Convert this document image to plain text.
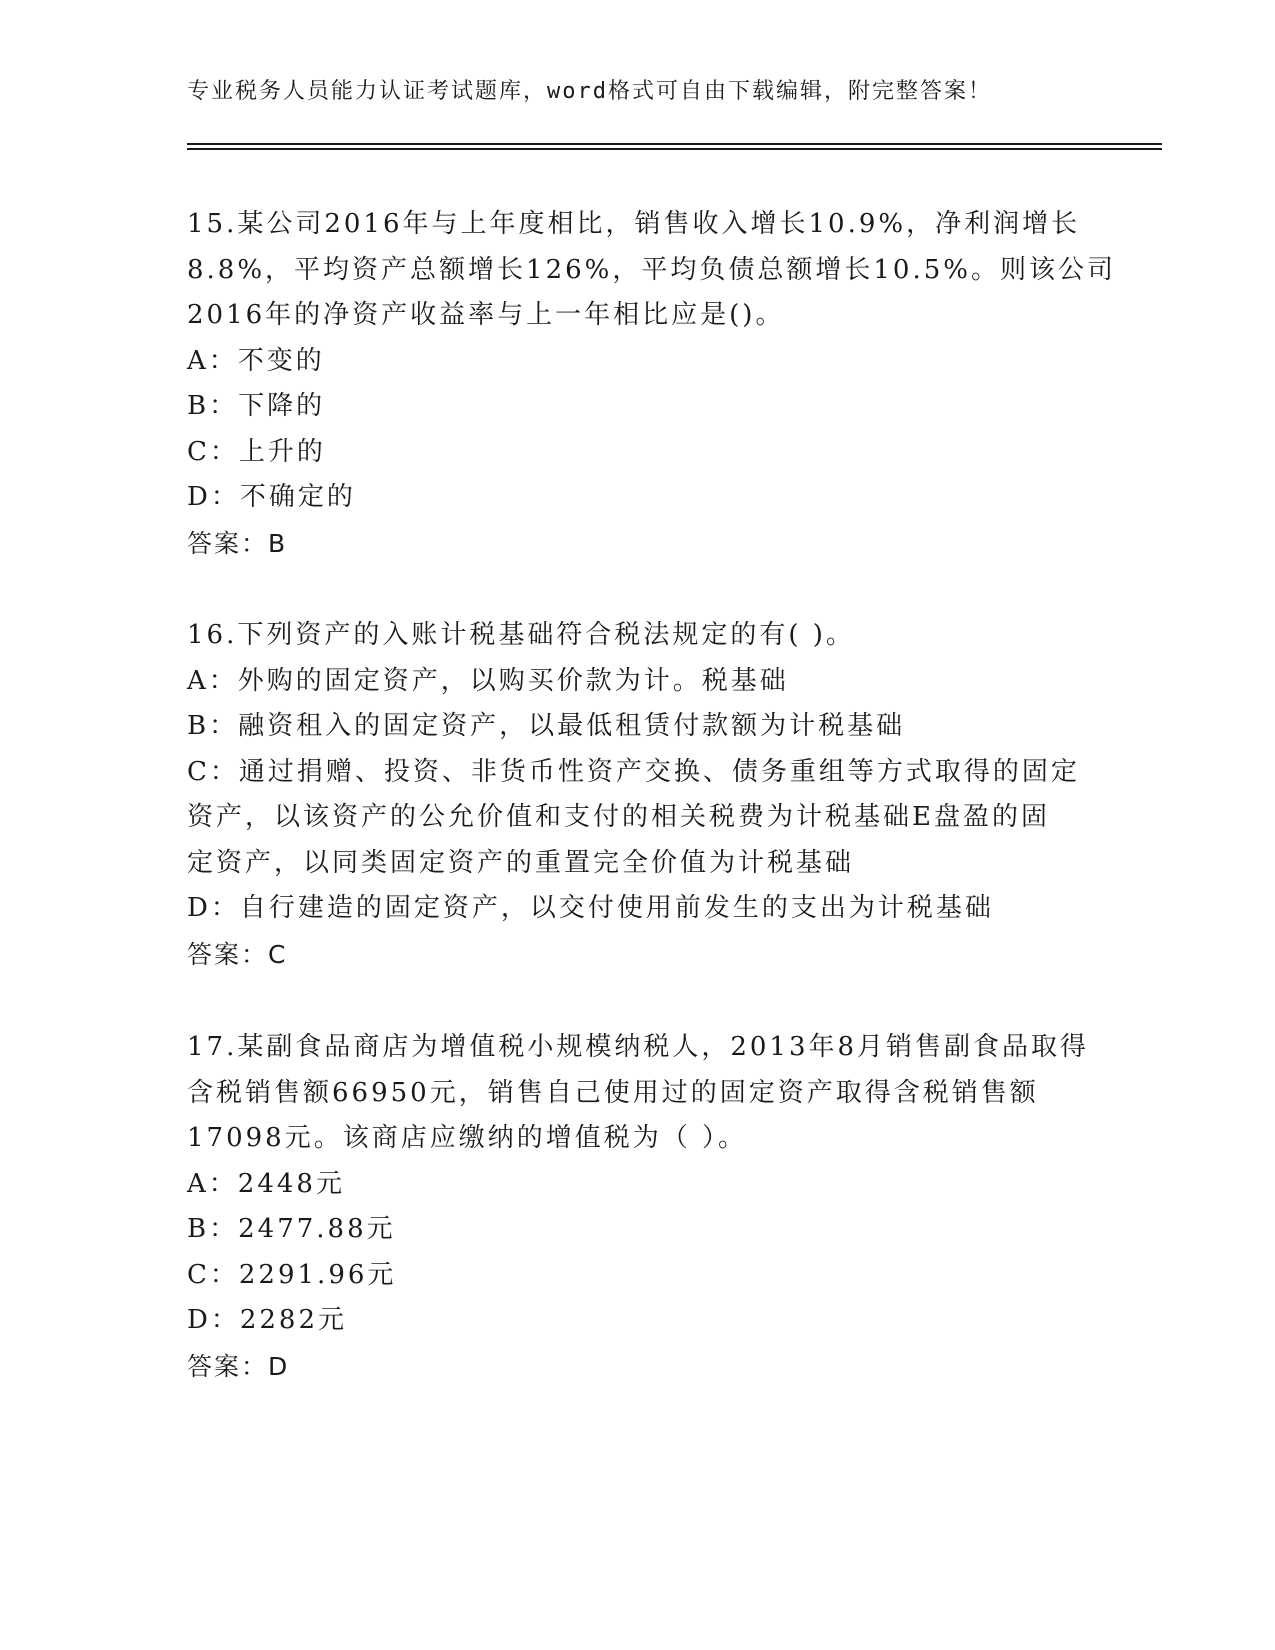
专业税务人员能力认证考试题库，word格式可自由下载编辑，附完整答案！
15.某公司2016年与上年度相比，销售收入增长10.9%，净利润增长
8.8%，平均资产总额增长126%，平均负债总额增长10.5%。则该公司
2016年的净资产收益率与上一年相比应是()。
A：不变的
B：下降的
C：上升的
D：不确定的
答案：B
16.下列资产的入账计税基础符合税法规定的有( )。
A：外购的固定资产，以购买价款为计。税基础
B：融资租入的固定资产，以最低租赁付款额为计税基础
C：通过捐赠、投资、非货币性资产交换、债务重组等方式取得的固定
资产，以该资产的公允价值和支付的相关税费为计税基础E盘盈的固
定资产，以同类固定资产的重置完全价值为计税基础
D：自行建造的固定资产，以交付使用前发生的支出为计税基础
答案：C
17.某副食品商店为增值税小规模纳税人，2013年8月销售副食品取得
含税销售额66950元，销售自己使用过的固定资产取得含税销售额
17098元。该商店应缴纳的增值税为（ ）。
A：2448元
B：2477.88元
C：2291.96元
D：2282元
答案：D
